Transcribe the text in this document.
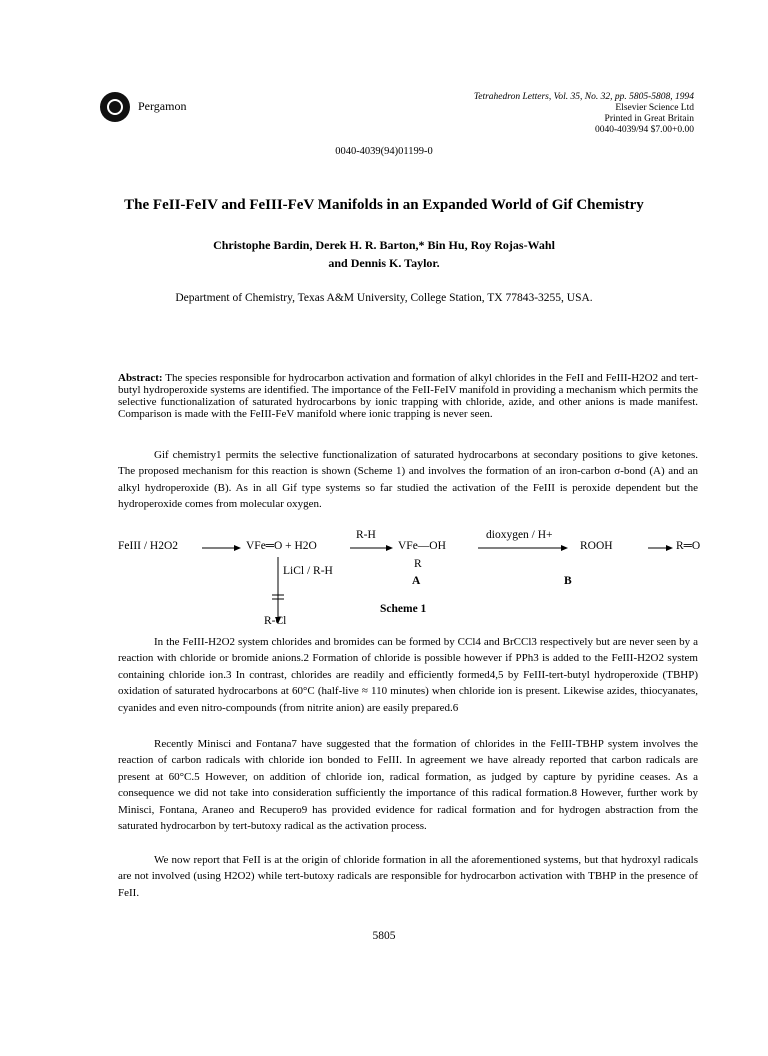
Pergamon
Tetrahedron Letters, Vol. 35, No. 32, pp. 5805-5808, 1994
Elsevier Science Ltd
Printed in Great Britain
0040-4039/94 $7.00+0.00
0040-4039(94)01199-0
The FeII-FeIV and FeIII-FeV Manifolds in an Expanded World of Gif Chemistry
Christophe Bardin, Derek H. R. Barton,* Bin Hu, Roy Rojas-Wahl
and Dennis K. Taylor.
Department of Chemistry, Texas A&M University, College Station, TX 77843-3255, USA.
Abstract: The species responsible for hydrocarbon activation and formation of alkyl chlorides in the FeII and FeIII-H2O2 and tert-butyl hydroperoxide systems are identified. The importance of the FeII-FeIV manifold in providing a mechanism which permits the selective functionalization of saturated hydrocarbons by ionic trapping with chloride, azide, and other anions is made manifest. Comparison is made with the FeIII-FeV manifold where ionic trapping is never seen.

Gif chemistry1 permits the selective functionalization of saturated hydrocarbons at secondary positions to give ketones. The proposed mechanism for this reaction is shown (Scheme 1) and involves the formation of an iron-carbon σ-bond (A) and an alkyl hydroperoxide (B). As in all Gif type systems so far studied the activation of the FeIII is peroxide dependent but the hydroperoxide comes from molecular oxygen.

FeIII / H2O2	VFe═O + H2O
R-H
VFe—OH
R
A
dioxygen / H+
ROOH	R═O
B
LiCl / R-H
R-Cl
Scheme 1

In the FeIII-H2O2 system chlorides and bromides can be formed by CCl4 and BrCCl3 respectively but are never seen by a reaction with chloride or bromide anions.2 Formation of chloride is possible however if PPh3 is added to the FeIII-H2O2 system containing chloride ion.3 In contrast, chlorides are readily and efficiently formed4,5 by FeIII-tert-butyl hydroperoxide (TBHP) oxidation of saturated hydrocarbons at 60°C (half-live ≈ 110 minutes) when chloride ion is present. Likewise azides, thiocyanates, cyanides and even nitro-compounds (from nitrite anion) are easily prepared.6

Recently Minisci and Fontana7 have suggested that the formation of chlorides in the FeIII-TBHP system involves the reaction of carbon radicals with chloride ion bonded to FeIII. In agreement we have already reported that carbon radicals are present at 60°C.5 However, on addition of chloride ion, radical formation, as judged by capture by pyridine ceases. As a consequence we did not take into consideration sufficiently the importance of this radical formation.8 However, further work by Minisci, Fontana, Araneo and Recupero9 has provided evidence for radical formation and for hydrogen abstraction from the saturated hydrocarbon by tert-butoxy radical as the activation process.

We now report that FeII is at the origin of chloride formation in all the aforementioned systems, but that hydroxyl radicals are not involved (using H2O2) while tert-butoxy radicals are responsible for hydrocarbon activation with TBHP in the presence of FeII.

5805
